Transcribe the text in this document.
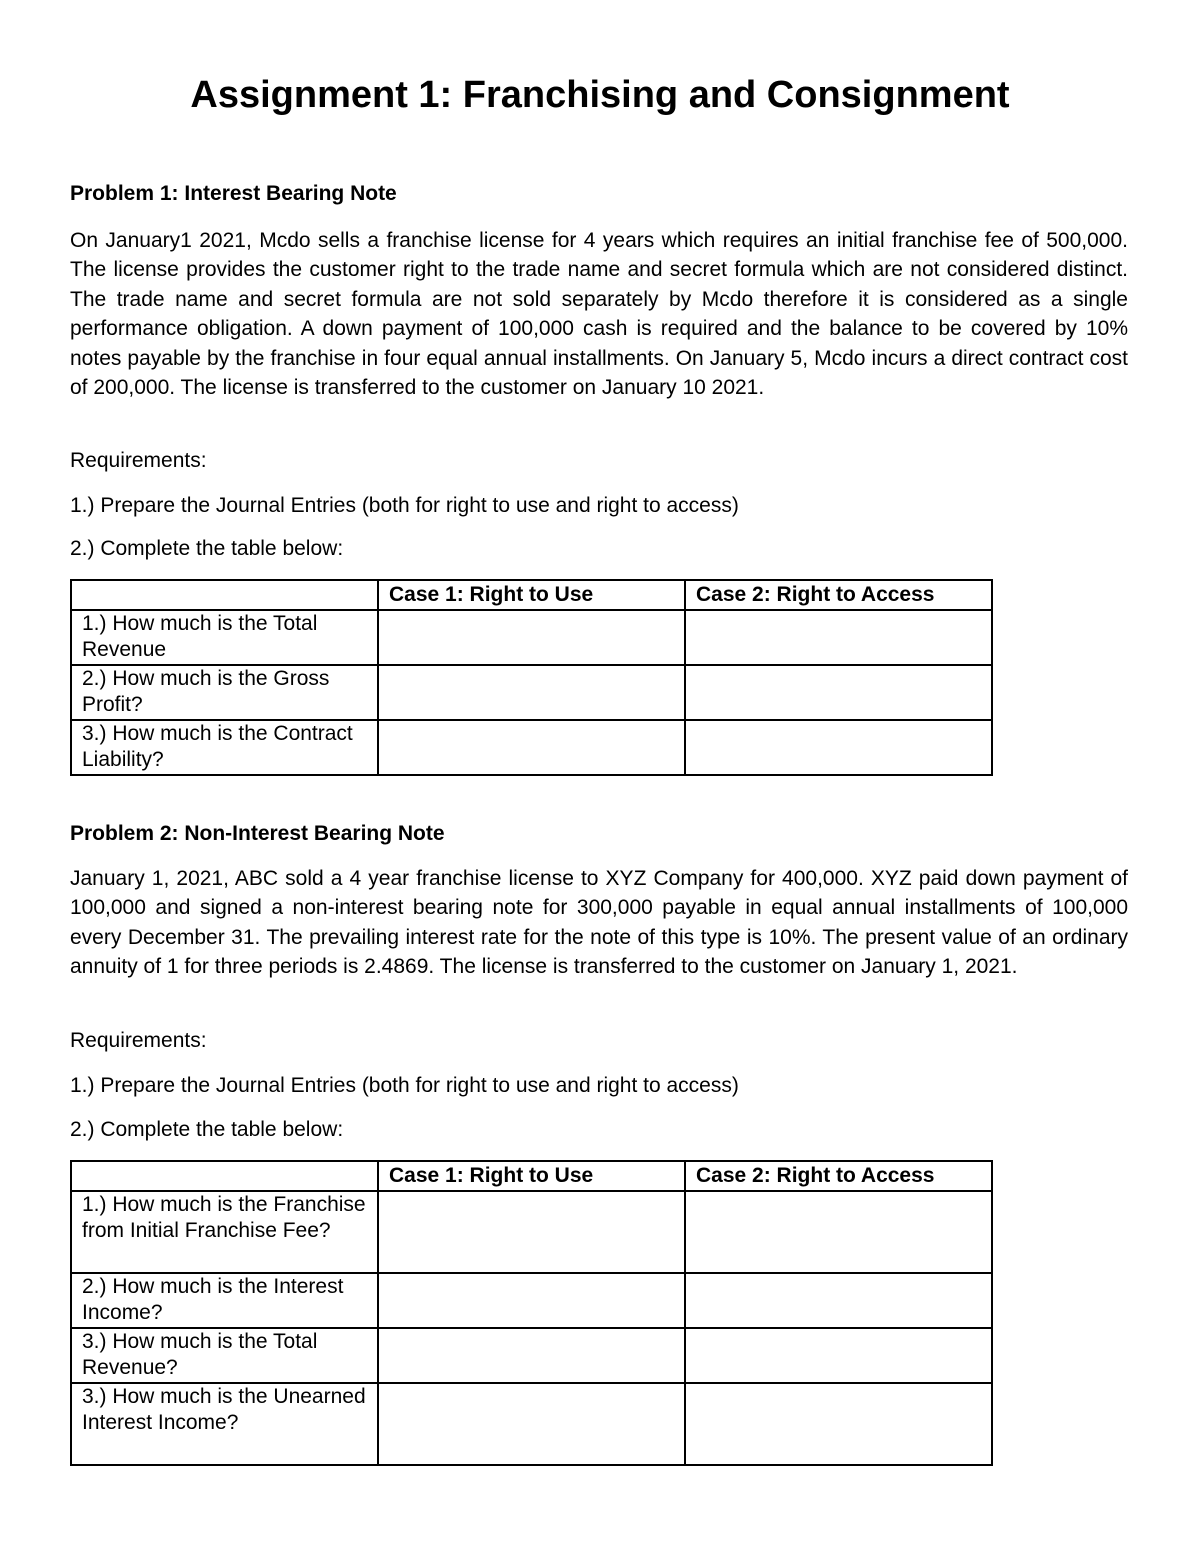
Assignment 1: Franchising and Consignment

Problem 1: Interest Bearing Note

On January1 2021, Mcdo sells a franchise license for 4 years which requires an initial franchise fee of 500,000. The license provides the customer right to the trade name and secret formula which are not considered distinct. The trade name and secret formula are not sold separately by Mcdo therefore it is considered as a single performance obligation. A down payment of 100,000 cash is required and the balance to be covered by 10% notes payable by the franchise in four equal annual installments. On January 5, Mcdo incurs a direct contract cost of 200,000. The license is transferred to the customer on January 10 2021.

Requirements:

1.) Prepare the Journal Entries (both for right to use and right to access)

2.) Complete the table below:

	Case 1: Right to Use	Case 2: Right to Access
1.) How much is the Total Revenue		
2.) How much is the Gross Profit?		
3.) How much is the Contract Liability?		

Problem 2: Non-Interest Bearing Note

January 1, 2021, ABC sold a 4 year franchise license to XYZ Company for 400,000. XYZ paid down payment of 100,000 and signed a non-interest bearing note for 300,000 payable in equal annual installments of 100,000 every December 31. The prevailing interest rate for the note of this type is 10%. The present value of an ordinary annuity of 1 for three periods is 2.4869. The license is transferred to the customer on January 1, 2021.

Requirements:

1.) Prepare the Journal Entries (both for right to use and right to access)

2.) Complete the table below:

	Case 1: Right to Use	Case 2: Right to Access
1.) How much is the Franchise from Initial Franchise Fee?		
2.) How much is the Interest Income?		
3.) How much is the Total Revenue?		
3.) How much is the Unearned Interest Income?		
